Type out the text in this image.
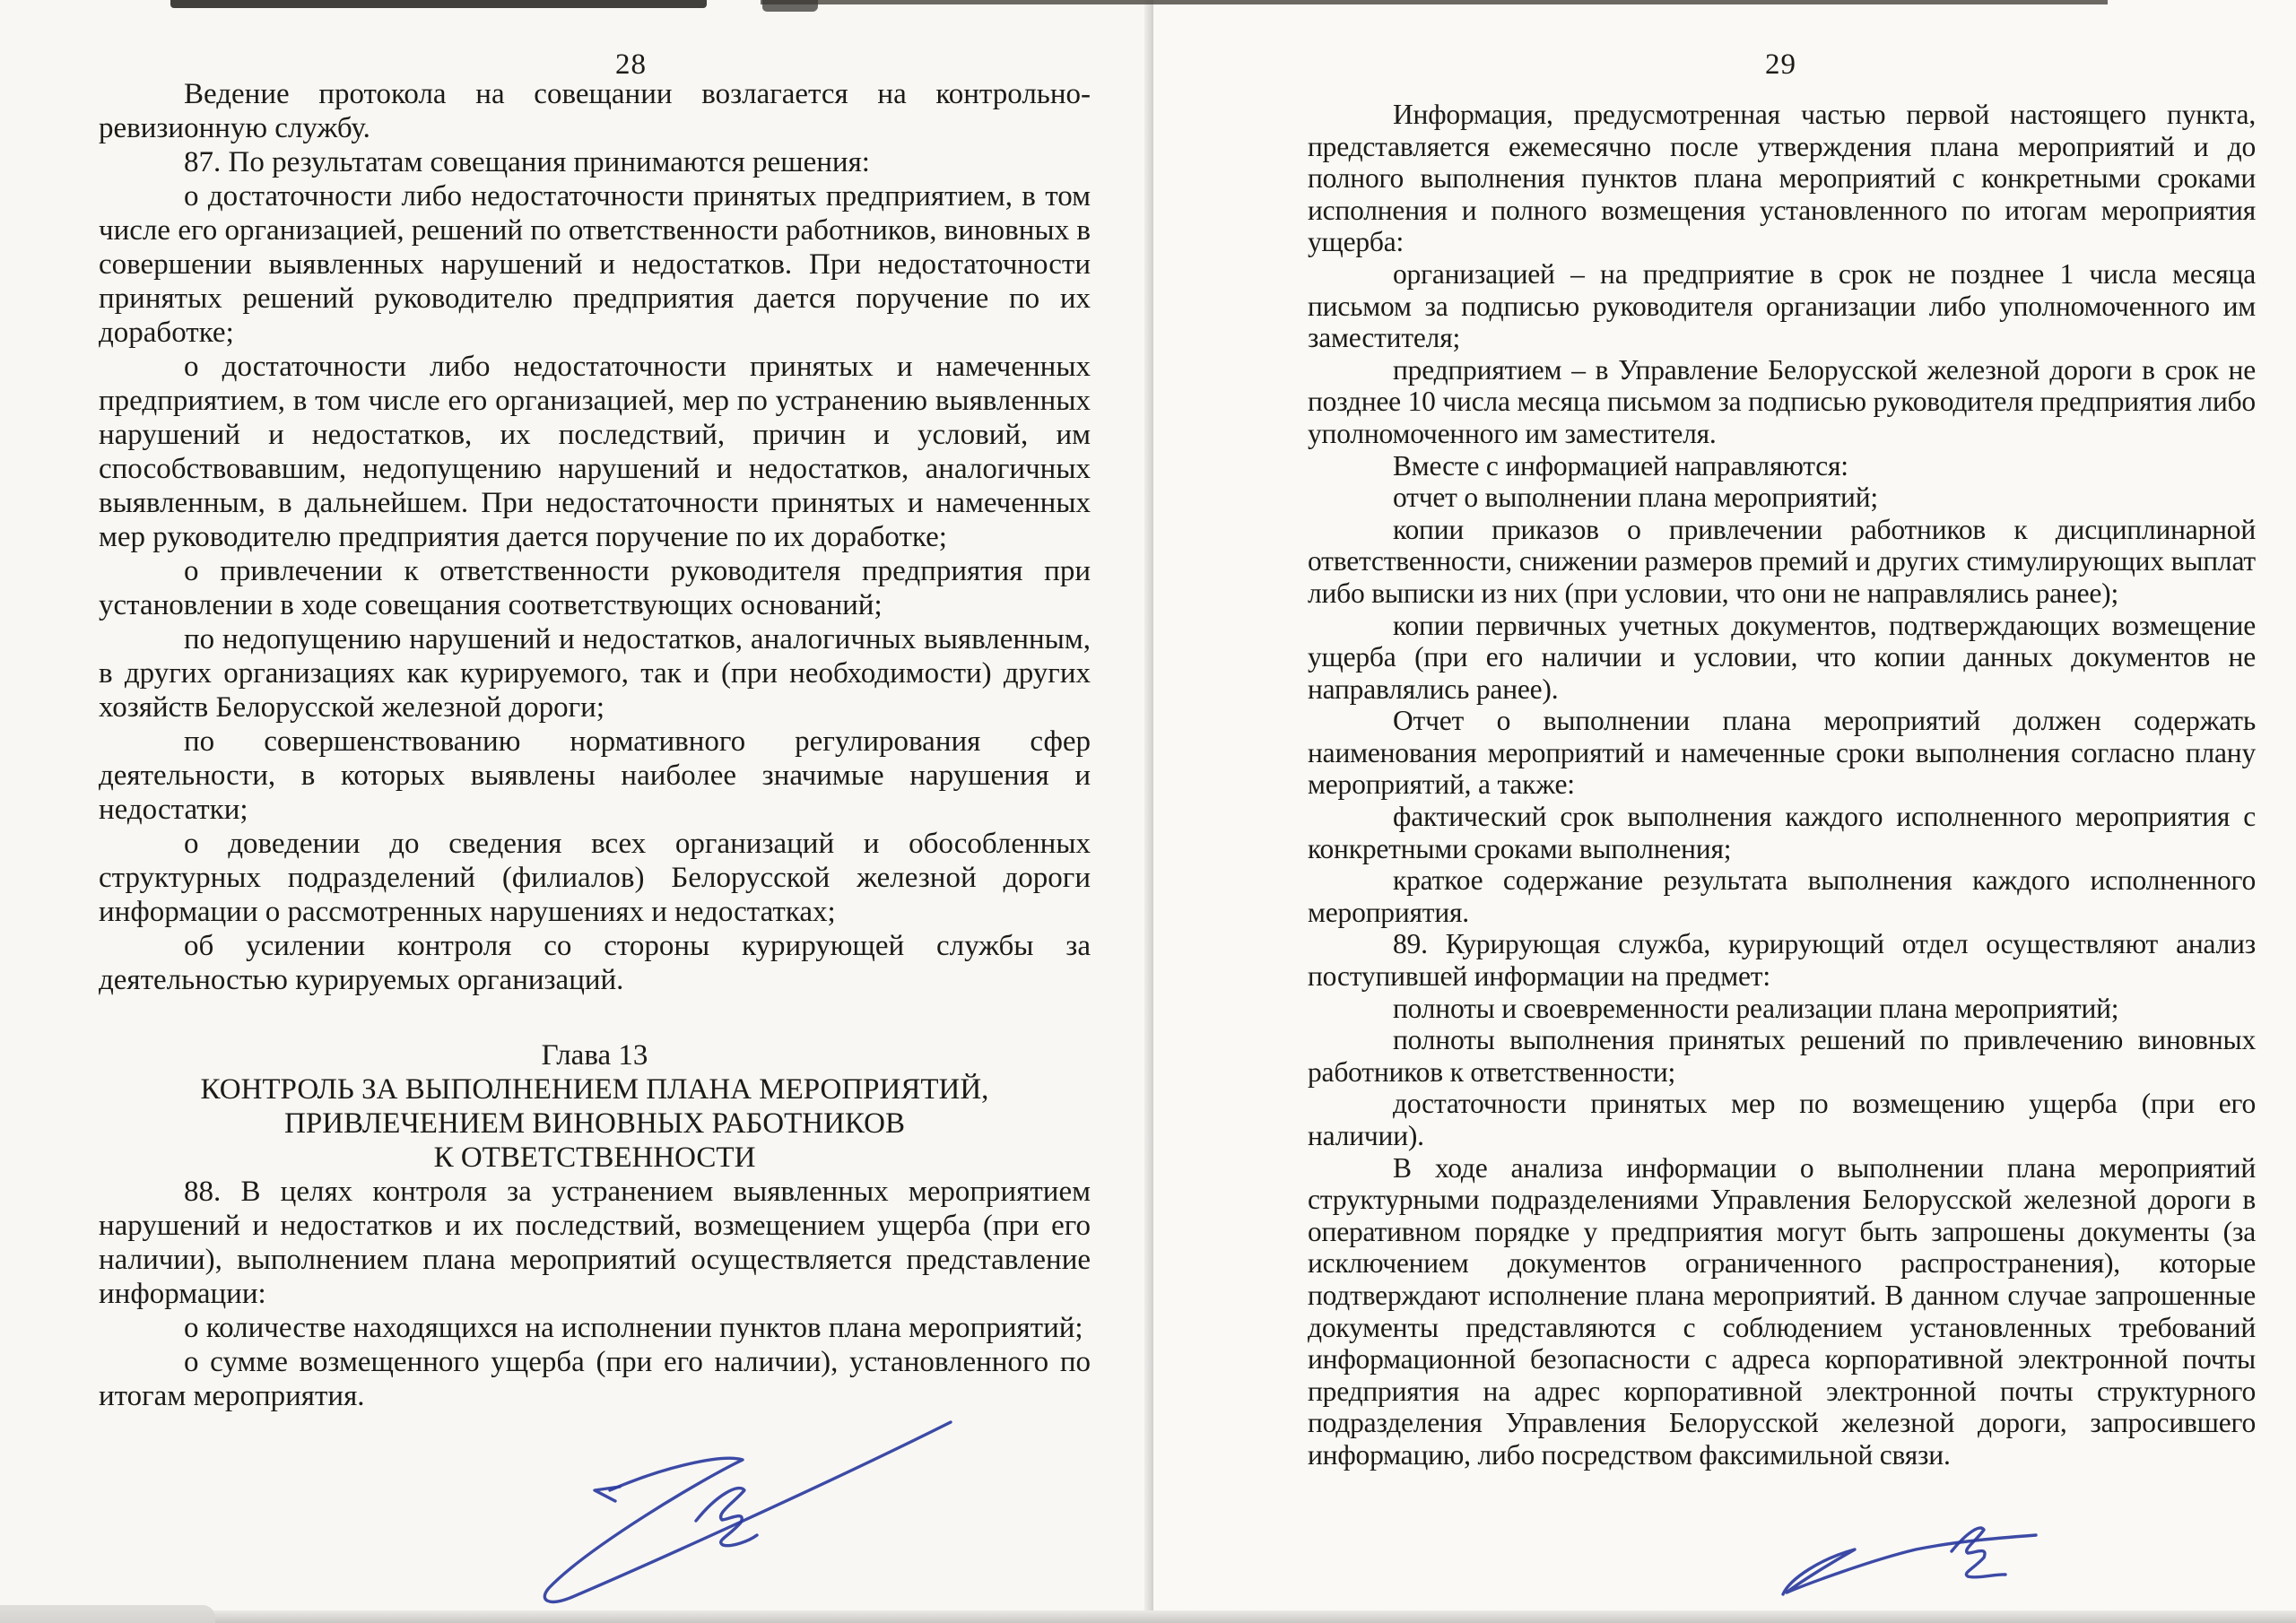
28

Ведение протокола на совещании возлагается на контрольно-ревизионную службу.

87. По результатам совещания принимаются решения:

о достаточности либо недостаточности принятых предприятием, в том числе его организацией, решений по ответственности работников, виновных в совершении выявленных нарушений и недостатков. При недостаточности принятых решений руководителю предприятия дается поручение по их доработке;

о достаточности либо недостаточности принятых и намеченных предприятием, в том числе его организацией, мер по устранению выявленных нарушений и недостатков, их последствий, причин и условий, им способствовавшим, недопущению нарушений и недостатков, аналогичных выявленным, в дальнейшем. При недостаточности принятых и намеченных мер руководителю предприятия дается поручение по их доработке;

о привлечении к ответственности руководителя предприятия при установлении в ходе совещания соответствующих оснований;

по недопущению нарушений и недостатков, аналогичных выявленным, в других организациях как курируемого, так и (при необходимости) других хозяйств Белорусской железной дороги;

по совершенствованию нормативного регулирования сфер деятельности, в которых выявлены наиболее значимые нарушения и недостатки;

о доведении до сведения всех организаций и обособленных структурных подразделений (филиалов) Белорусской железной дороги информации о рассмотренных нарушениях и недостатках;

об усилении контроля со стороны курирующей службы за деятельностью курируемых организаций.

Глава 13

КОНТРОЛЬ ЗА ВЫПОЛНЕНИЕМ ПЛАНА МЕРОПРИЯТИЙ,

ПРИВЛЕЧЕНИЕМ ВИНОВНЫХ РАБОТНИКОВ

К ОТВЕТСТВЕННОСТИ

88. В целях контроля за устранением выявленных мероприятием нарушений и недостатков и их последствий, возмещением ущерба (при его наличии), выполнением плана мероприятий осуществляется представление информации:

о количестве находящихся на исполнении пунктов плана мероприятий;

о сумме возмещенного ущерба (при его наличии), установленного по итогам мероприятия.

29

Информация, предусмотренная частью первой настоящего пункта, представляется ежемесячно после утверждения плана мероприятий и до полного выполнения пунктов плана мероприятий с конкретными сроками исполнения и полного возмещения установленного по итогам мероприятия ущерба:

организацией – на предприятие в срок не позднее 1 числа месяца письмом за подписью руководителя организации либо уполномоченного им заместителя;

предприятием – в Управление Белорусской железной дороги в срок не позднее 10 числа месяца письмом за подписью руководителя предприятия либо уполномоченного им заместителя.

Вместе с информацией направляются:

отчет о выполнении плана мероприятий;

копии приказов о привлечении работников к дисциплинарной ответственности, снижении размеров премий и других стимулирующих выплат либо выписки из них (при условии, что они не направлялись ранее);

копии первичных учетных документов, подтверждающих возмещение ущерба (при его наличии и условии, что копии данных документов не направлялись ранее).

Отчет о выполнении плана мероприятий должен содержать наименования мероприятий и намеченные сроки выполнения согласно плану мероприятий, а также:

фактический срок выполнения каждого исполненного мероприятия с конкретными сроками выполнения;

краткое содержание результата выполнения каждого исполненного мероприятия.

89. Курирующая служба, курирующий отдел осуществляют анализ поступившей информации на предмет:

полноты и своевременности реализации плана мероприятий;

полноты выполнения принятых решений по привлечению виновных работников к ответственности;

достаточности принятых мер по возмещению ущерба (при его наличии).

В ходе анализа информации о выполнении плана мероприятий структурными подразделениями Управления Белорусской железной дороги в оперативном порядке у предприятия могут быть запрошены документы (за исключением документов ограниченного распространения), которые подтверждают исполнение плана мероприятий. В данном случае запрошенные документы представляются с соблюдением установленных требований информационной безопасности с адреса корпоративной электронной почты предприятия на адрес корпоративной электронной почты структурного подразделения Управления Белорусской железной дороги, запросившего информацию, либо посредством факсимильной связи.
